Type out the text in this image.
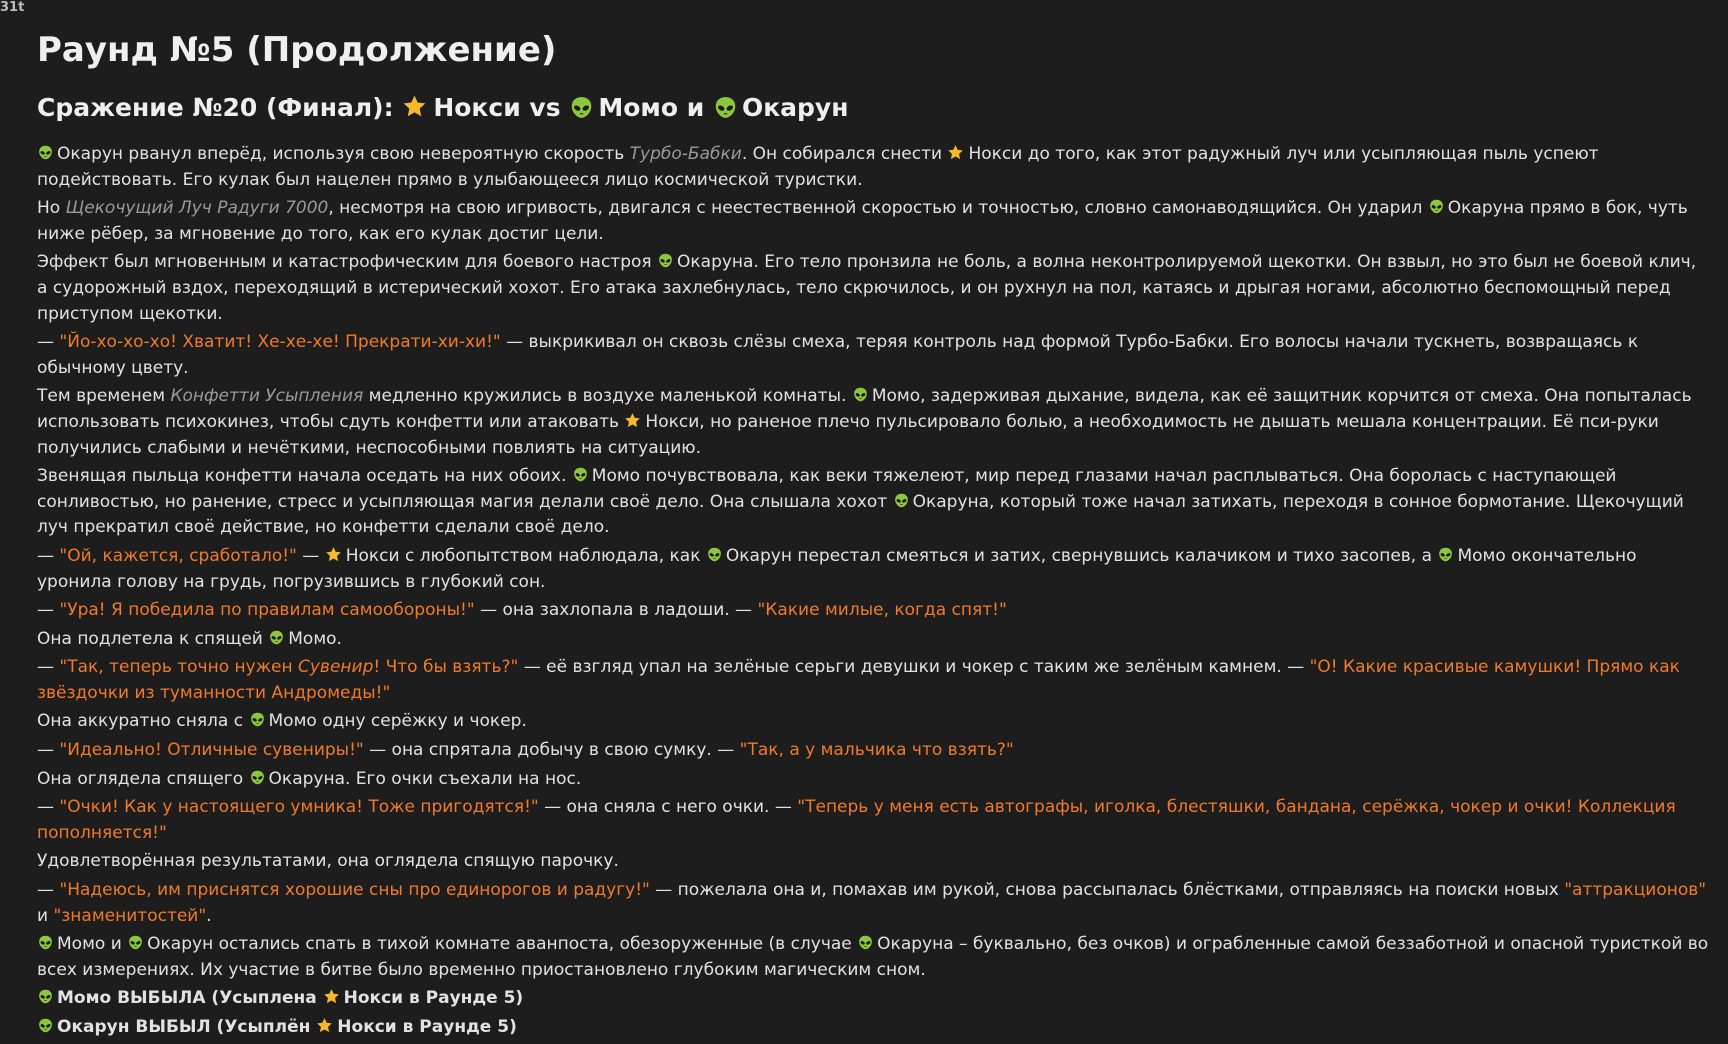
31t
Раунд №5 (Продолжение)
Сражение №20 (Финал): Нокси vs Момо и Окарун

Окарун рванул вперёд, используя свою невероятную скорость Турбо-Бабки. Он собирался снести Нокси до того, как этот радужный луч или усыпляющая пыль успеют подействовать. Его кулак был нацелен прямо в улыбающееся лицо космической туристки.

Но Щекочущий Луч Радуги 7000, несмотря на свою игривость, двигался с неестественной скоростью и точностью, словно самонаводящийся. Он ударил Окаруна прямо в бок, чуть ниже рёбер, за мгновение до того, как его кулак достиг цели.

Эффект был мгновенным и катастрофическим для боевого настроя Окаруна. Его тело пронзила не боль, а волна неконтролируемой щекотки. Он взвыл, но это был не боевой клич, а судорожный вздох, переходящий в истерический хохот. Его атака захлебнулась, тело скрючилось, и он рухнул на пол, катаясь и дрыгая ногами, абсолютно беспомощный перед приступом щекотки.

— "Йо-хо-хо-хо! Хватит! Хе-хе-хе! Прекрати-хи-хи!" — выкрикивал он сквозь слёзы смеха, теряя контроль над формой Турбо-Бабки. Его волосы начали тускнеть, возвращаясь к обычному цвету.

Тем временем Конфетти Усыпления медленно кружились в воздухе маленькой комнаты. Момо, задерживая дыхание, видела, как её защитник корчится от смеха. Она попыталась использовать психокинез, чтобы сдуть конфетти или атаковать Нокси, но раненое плечо пульсировало болью, а необходимость не дышать мешала концентрации. Её пси-руки получились слабыми и нечёткими, неспособными повлиять на ситуацию.

Звенящая пыльца конфетти начала оседать на них обоих. Момо почувствовала, как веки тяжелеют, мир перед глазами начал расплываться. Она боролась с наступающей сонливостью, но ранение, стресс и усыпляющая магия делали своё дело. Она слышала хохот Окаруна, который тоже начал затихать, переходя в сонное бормотание. Щекочущий луч прекратил своё действие, но конфетти сделали своё дело.

— "Ой, кажется, сработало!" — Нокси с любопытством наблюдала, как Окарун перестал смеяться и затих, свернувшись калачиком и тихо засопев, а Момо окончательно уронила голову на грудь, погрузившись в глубокий сон.

— "Ура! Я победила по правилам самообороны!" — она захлопала в ладоши. — "Какие милые, когда спят!"

Она подлетела к спящей Момо.

— "Так, теперь точно нужен Сувенир! Что бы взять?" — её взгляд упал на зелёные серьги девушки и чокер с таким же зелёным камнем. — "О! Какие красивые камушки! Прямо как звёздочки из туманности Андромеды!"

Она аккуратно сняла с Момо одну серёжку и чокер.

— "Идеально! Отличные сувениры!" — она спрятала добычу в свою сумку. — "Так, а у мальчика что взять?"

Она оглядела спящего Окаруна. Его очки съехали на нос.

— "Очки! Как у настоящего умника! Тоже пригодятся!" — она сняла с него очки. — "Теперь у меня есть автографы, иголка, блестяшки, бандана, серёжка, чокер и очки! Коллекция пополняется!"

Удовлетворённая результатами, она оглядела спящую парочку.

— "Надеюсь, им приснятся хорошие сны про единорогов и радугу!" — пожелала она и, помахав им рукой, снова рассыпалась блёстками, отправляясь на поиски новых "аттракционов" и "знаменитостей".

Момо и Окарун остались спать в тихой комнате аванпоста, обезоруженные (в случае Окаруна – буквально, без очков) и ограбленные самой беззаботной и опасной туристкой во всех измерениях. Их участие в битве было временно приостановлено глубоким магическим сном.

Момо ВЫБЫЛА (Усыплена Нокси в Раунде 5)

Окарун ВЫБЫЛ (Усыплён Нокси в Раунде 5)
